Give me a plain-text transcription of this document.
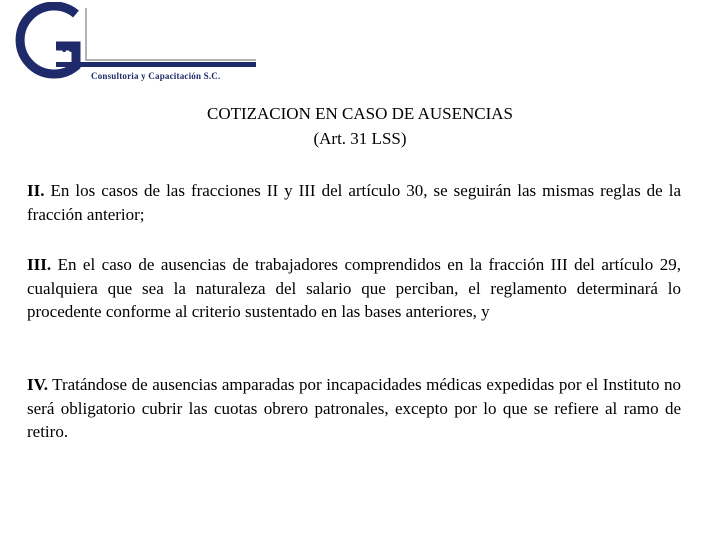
va
Consultoria y Capacitación S.C.
COTIZACION EN CASO DE AUSENCIAS
(Art. 31 LSS)

II. En los casos de las fracciones II y III del artículo 30, se seguirán las mismas reglas de la fracción anterior;

III. En el caso de ausencias de trabajadores comprendidos en la fracción III del artículo 29, cualquiera que sea la naturaleza del salario que perciban, el reglamento determinará lo procedente conforme al criterio sustentado en las bases anteriores, y

IV. Tratándose de ausencias amparadas por incapacidades médicas expedidas por el Instituto no será obligatorio cubrir las cuotas obrero patronales, excepto por lo que se refiere al ramo de retiro.
